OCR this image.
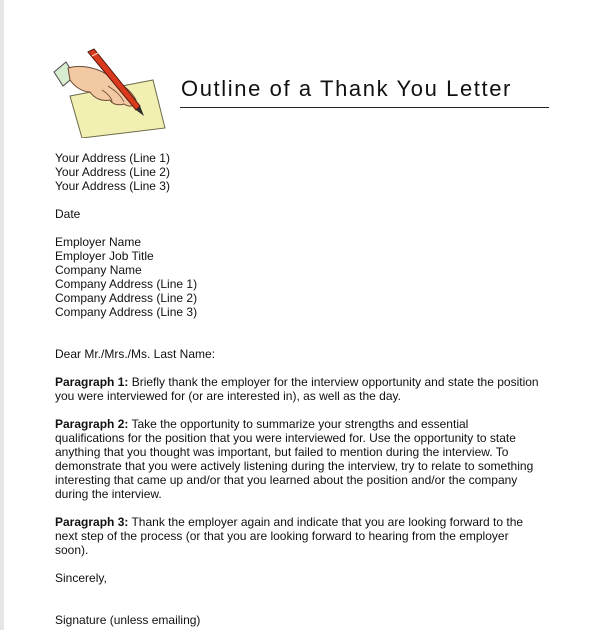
Outline of a Thank You Letter
Your Address (Line 1)
Your Address (Line 2)
Your Address (Line 3)
Date
Employer Name
Employer Job Title
Company Name
Company Address (Line 1)
Company Address (Line 2)
Company Address (Line 3)
Dear Mr./Mrs./Ms. Last Name:
Paragraph 1: Briefly thank the employer for the interview opportunity and state the position
you were interviewed for (or are interested in), as well as the day.
Paragraph 2: Take the opportunity to summarize your strengths and essential
qualifications for the position that you were interviewed for. Use the opportunity to state
anything that you thought was important, but failed to mention during the interview. To
demonstrate that you were actively listening during the interview, try to relate to something
interesting that came up and/or that you learned about the position and/or the company
during the interview.
Paragraph 3: Thank the employer again and indicate that you are looking forward to the
next step of the process (or that you are looking forward to hearing from the employer
soon).
Sincerely,
Signature (unless emailing)
